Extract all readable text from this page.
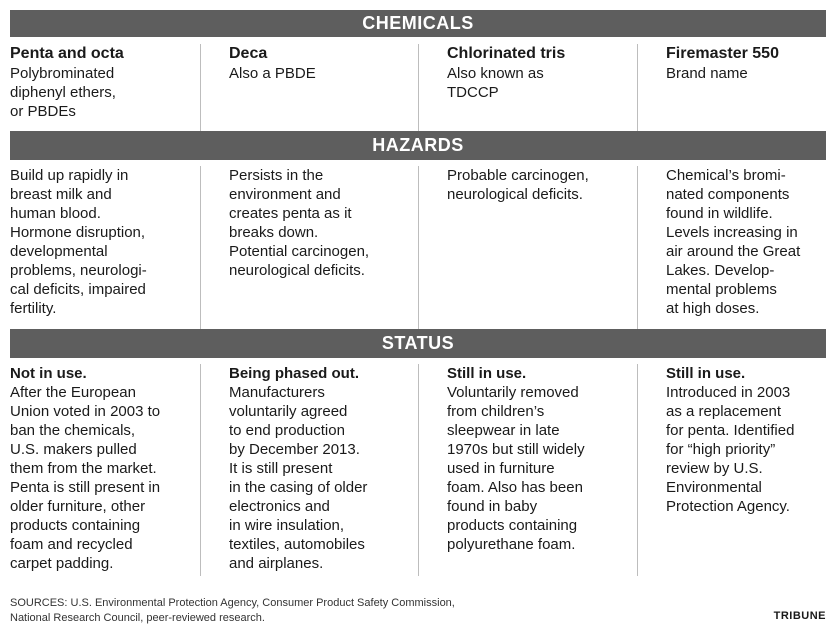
CHEMICALS
Penta and octa
Polybrominated
diphenyl ethers,
or PBDEs
Deca
Also a PBDE
Chlorinated tris
Also known as
TDCCP
Firemaster 550
Brand name
HAZARDS
Build up rapidly in
breast milk and
human blood.
Hormone disruption,
developmental
problems, neurologi-
cal deficits, impaired
fertility.
Persists in the
environment and
creates penta as it
breaks down.
Potential carcinogen,
neurological deficits.
Probable carcinogen,
neurological deficits.
Chemical’s bromi-
nated components
found in wildlife.
Levels increasing in
air around the Great
Lakes. Develop-
mental problems
at high doses.
STATUS
Not in use.
After the European
Union voted in 2003 to
ban the chemicals,
U.S. makers pulled
them from the market.
Penta is still present in
older furniture, other
products containing
foam and recycled
carpet padding.
Being phased out.
Manufacturers
voluntarily agreed
to end production
by December 2013.
It is still present
in the casing of older
electronics and
in wire insulation,
textiles, automobiles
and airplanes.
Still in use.
Voluntarily removed
from children’s
sleepwear in late
1970s but still widely
used in furniture
foam. Also has been
found in baby
products containing
polyurethane foam.
Still in use.
Introduced in 2003
as a replacement
for penta. Identified
for “high priority”
review by U.S.
Environmental
Protection Agency.
SOURCES: U.S. Environmental Protection Agency, Consumer Product Safety Commission,
National Research Council, peer-reviewed research.	TRIBUNE
